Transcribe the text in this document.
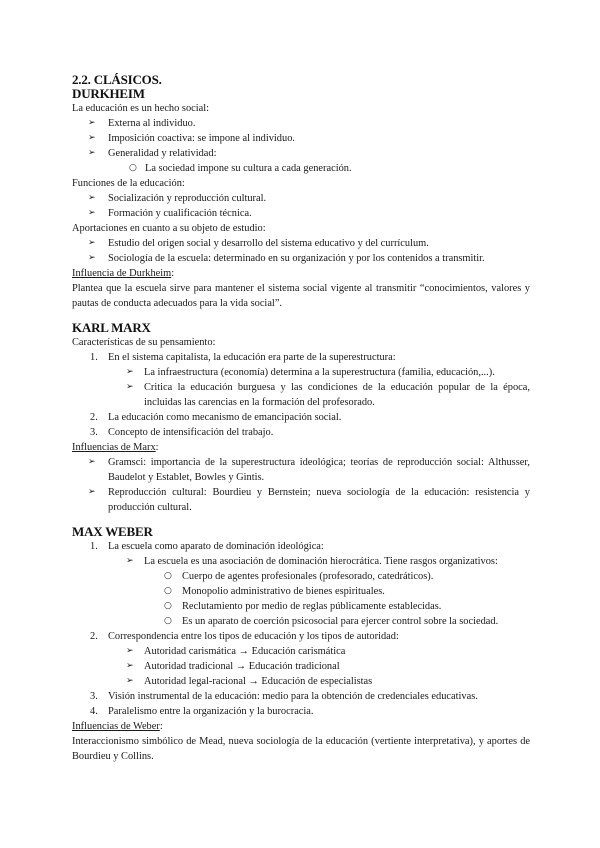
2.2. CLÁSICOS.
DURKHEIM

La educación es un hecho social:

➢ Externa al individuo.
➢ Imposición coactiva: se impone al individuo.
➢ Generalidad y relatividad:
○ La sociedad impone su cultura a cada generación.

Funciones de la educación:

➢ Socialización y reproducción cultural.
➢ Formación y cualificación técnica.

Aportaciones en cuanto a su objeto de estudio:

➢ Estudio del origen social y desarrollo del sistema educativo y del currículum.
➢ Sociología de la escuela: determinado en su organización y por los contenidos a transmitir.

Influencia de Durkheim:

Plantea que la escuela sirve para mantener el sistema social vigente al transmitir “conocimientos, valores y pautas de conducta adecuados para la vida social”.

KARL MARX

Características de su pensamiento:

1. En el sistema capitalista, la educación era parte de la superestructura:
➢ La infraestructura (economía) determina a la superestructura (familia, educación,...).
➢ Critica la educación burguesa y las condiciones de la educación popular de la época, incluidas las carencias en la formación del profesorado.
2. La educación como mecanismo de emancipación social.
3. Concepto de intensificación del trabajo.

Influencias de Marx:

➢ Gramsci: importancia de la superestructura ideológica; teorías de reproducción social: Althusser, Baudelot y Establet, Bowles y Gintis.
➢ Reproducción cultural: Bourdieu y Bernstein; nueva sociología de la educación: resistencia y producción cultural.
MAX WEBER
1. La escuela como aparato de dominación ideológica:
➢ La escuela es una asociación de dominación hierocrática. Tiene rasgos organizativos:
○ Cuerpo de agentes profesionales (profesorado, catedráticos).
○ Monopolio administrativo de bienes espirituales.
○ Reclutamiento por medio de reglas públicamente establecidas.
○ Es un aparato de coerción psicosocial para ejercer control sobre la sociedad.
2. Correspondencia entre los tipos de educación y los tipos de autoridad:
➢ Autoridad carismática → Educación carismática
➢ Autoridad tradicional → Educación tradicional
➢ Autoridad legal-racional → Educación de especialistas
3. Visión instrumental de la educación: medio para la obtención de credenciales educativas.
4. Paralelismo entre la organización y la burocracia.

Influencias de Weber:

Interaccionismo simbólico de Mead, nueva sociología de la educación (vertiente interpretativa), y aportes de Bourdieu y Collins.
